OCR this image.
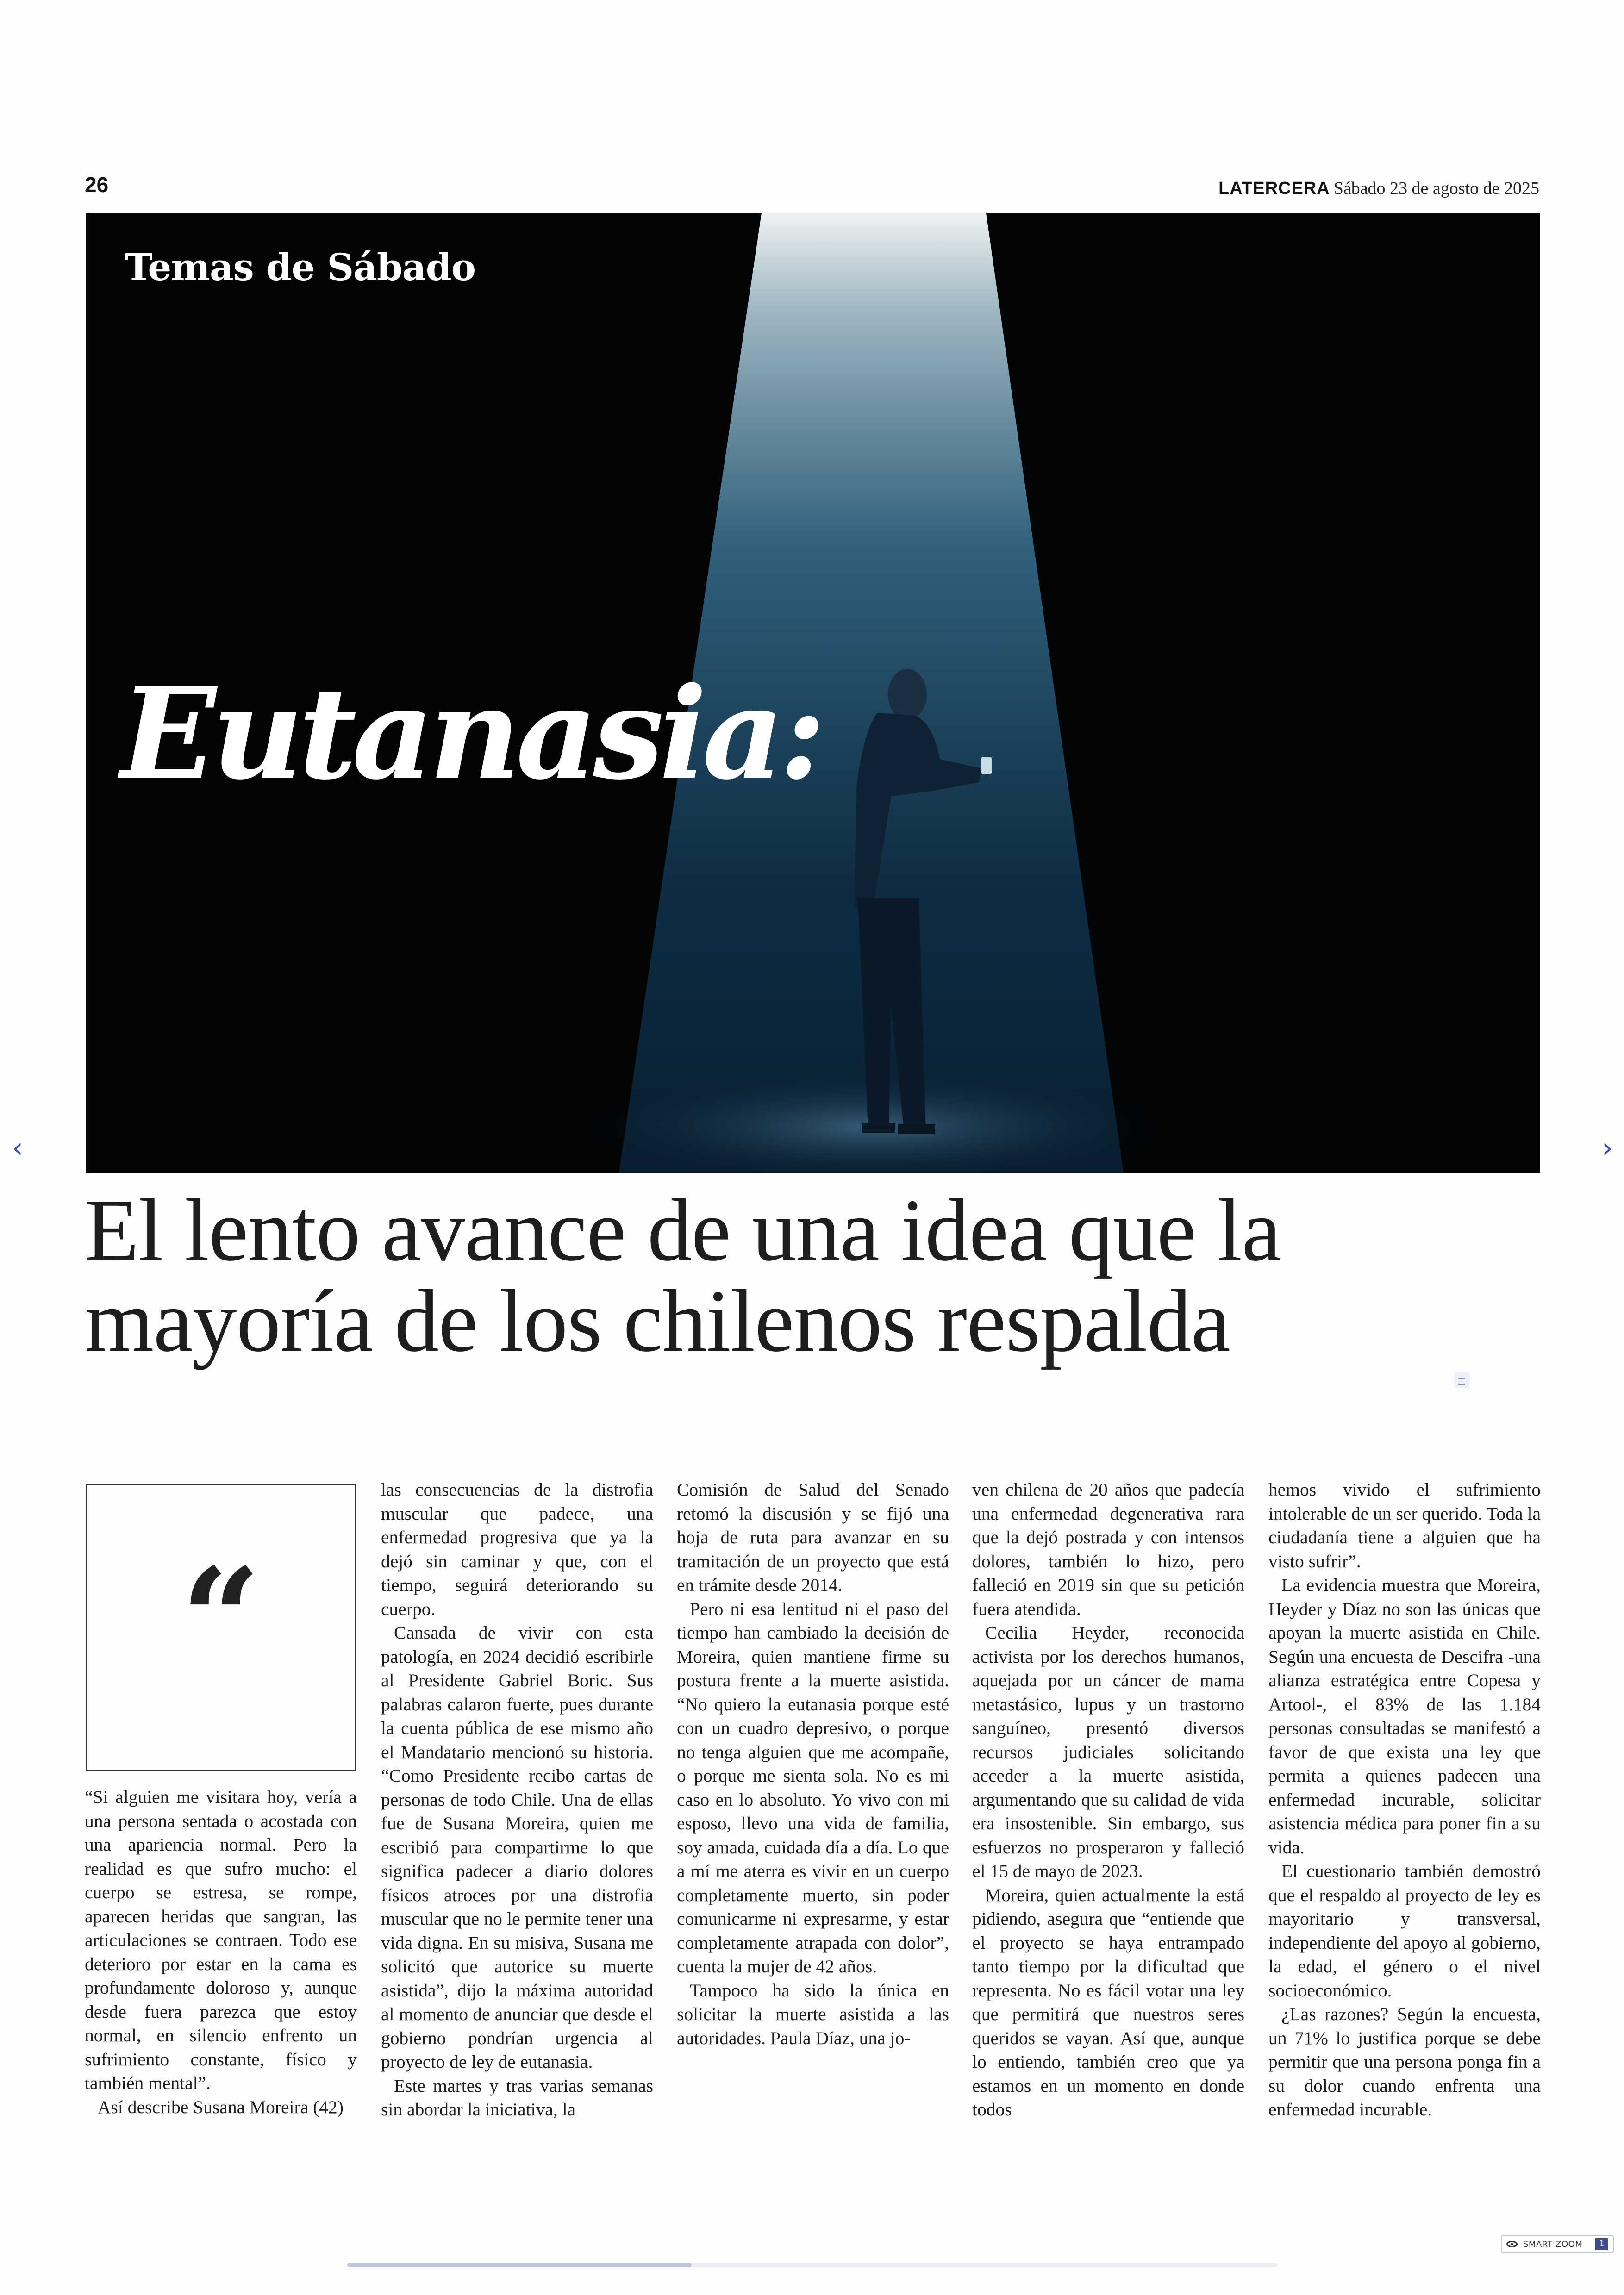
26	LATERCERA Sábado 23 de agosto de 2025
Temas de Sábado
Eutanasia:
El lento avance de una idea que la mayoría de los chilenos respalda
“

“Si alguien me visitara hoy, vería a una persona sentada o acostada con una apariencia normal. Pero la realidad es que sufro mucho: el cuerpo se estresa, se rompe, aparecen heridas que sangran, las articulaciones se contraen. Todo ese deterioro por estar en la cama es profundamente doloroso y, aunque desde fuera parezca que estoy normal, en silencio enfrento un sufrimiento constante, físico y también mental”.

Así describe Susana Moreira (42)

las consecuencias de la distrofia muscular que padece, una enfermedad progresiva que ya la dejó sin caminar y que, con el tiempo, seguirá deteriorando su cuerpo.

Cansada de vivir con esta patología, en 2024 decidió escribirle al Presidente Gabriel Boric. Sus palabras calaron fuerte, pues durante la cuenta pública de ese mismo año el Mandatario mencionó su historia. “Como Presidente recibo cartas de personas de todo Chile. Una de ellas fue de Susana Moreira, quien me escribió para compartirme lo que significa padecer a diario dolores físicos atroces por una distrofia muscular que no le permite tener una vida digna. En su misiva, Susana me solicitó que autorice su muerte asistida”, dijo la máxima autoridad al momento de anunciar que desde el gobierno pondrían urgencia al proyecto de ley de eutanasia.

Este martes y tras varias semanas sin abordar la iniciativa, la

Comisión de Salud del Senado retomó la discusión y se fijó una hoja de ruta para avanzar en su tramitación de un proyecto que está en trámite desde 2014.

Pero ni esa lentitud ni el paso del tiempo han cambiado la decisión de Moreira, quien mantiene firme su postura frente a la muerte asistida. “No quiero la eutanasia porque esté con un cuadro depresivo, o porque no tenga alguien que me acompañe, o porque me sienta sola. No es mi caso en lo absoluto. Yo vivo con mi esposo, llevo una vida de familia, soy amada, cuidada día a día. Lo que a mí me aterra es vivir en un cuerpo completamente muerto, sin poder comunicarme ni expresarme, y estar completamente atrapada con dolor”, cuenta la mujer de 42 años.

Tampoco ha sido la única en solicitar la muerte asistida a las autoridades. Paula Díaz, una jo-

ven chilena de 20 años que padecía una enfermedad degenerativa rara que la dejó postrada y con intensos dolores, también lo hizo, pero falleció en 2019 sin que su petición fuera atendida.

Cecilia Heyder, reconocida activista por los derechos humanos, aquejada por un cáncer de mama metastásico, lupus y un trastorno sanguíneo, presentó diversos recursos judiciales solicitando acceder a la muerte asistida, argumentando que su calidad de vida era insostenible. Sin embargo, sus esfuerzos no prosperaron y falleció el 15 de mayo de 2023.

Moreira, quien actualmente la está pidiendo, asegura que “entiende que el proyecto se haya entrampado tanto tiempo por la dificultad que representa. No es fácil votar una ley que permitirá que nuestros seres queridos se vayan. Así que, aunque lo entiendo, también creo que ya estamos en un momento en donde todos

hemos vivido el sufrimiento intolerable de un ser querido. Toda la ciudadanía tiene a alguien que ha visto sufrir”.

La evidencia muestra que Moreira, Heyder y Díaz no son las únicas que apoyan la muerte asistida en Chile. Según una encuesta de Descifra -una alianza estratégica entre Copesa y Artool-, el 83% de las 1.184 personas consultadas se manifestó a favor de que exista una ley que permita a quienes padecen una enfermedad incurable, solicitar asistencia médica para poner fin a su vida.

El cuestionario también demostró que el respaldo al proyecto de ley es mayoritario y transversal, independiente del apoyo al gobierno, la edad, el género o el nivel socioeconómico.

¿Las razones? Según la encuesta, un 71% lo justifica porque se debe permitir que una persona ponga fin a su dolor cuando enfrenta una enfermedad incurable.

‹	›
SMART ZOOM	1
